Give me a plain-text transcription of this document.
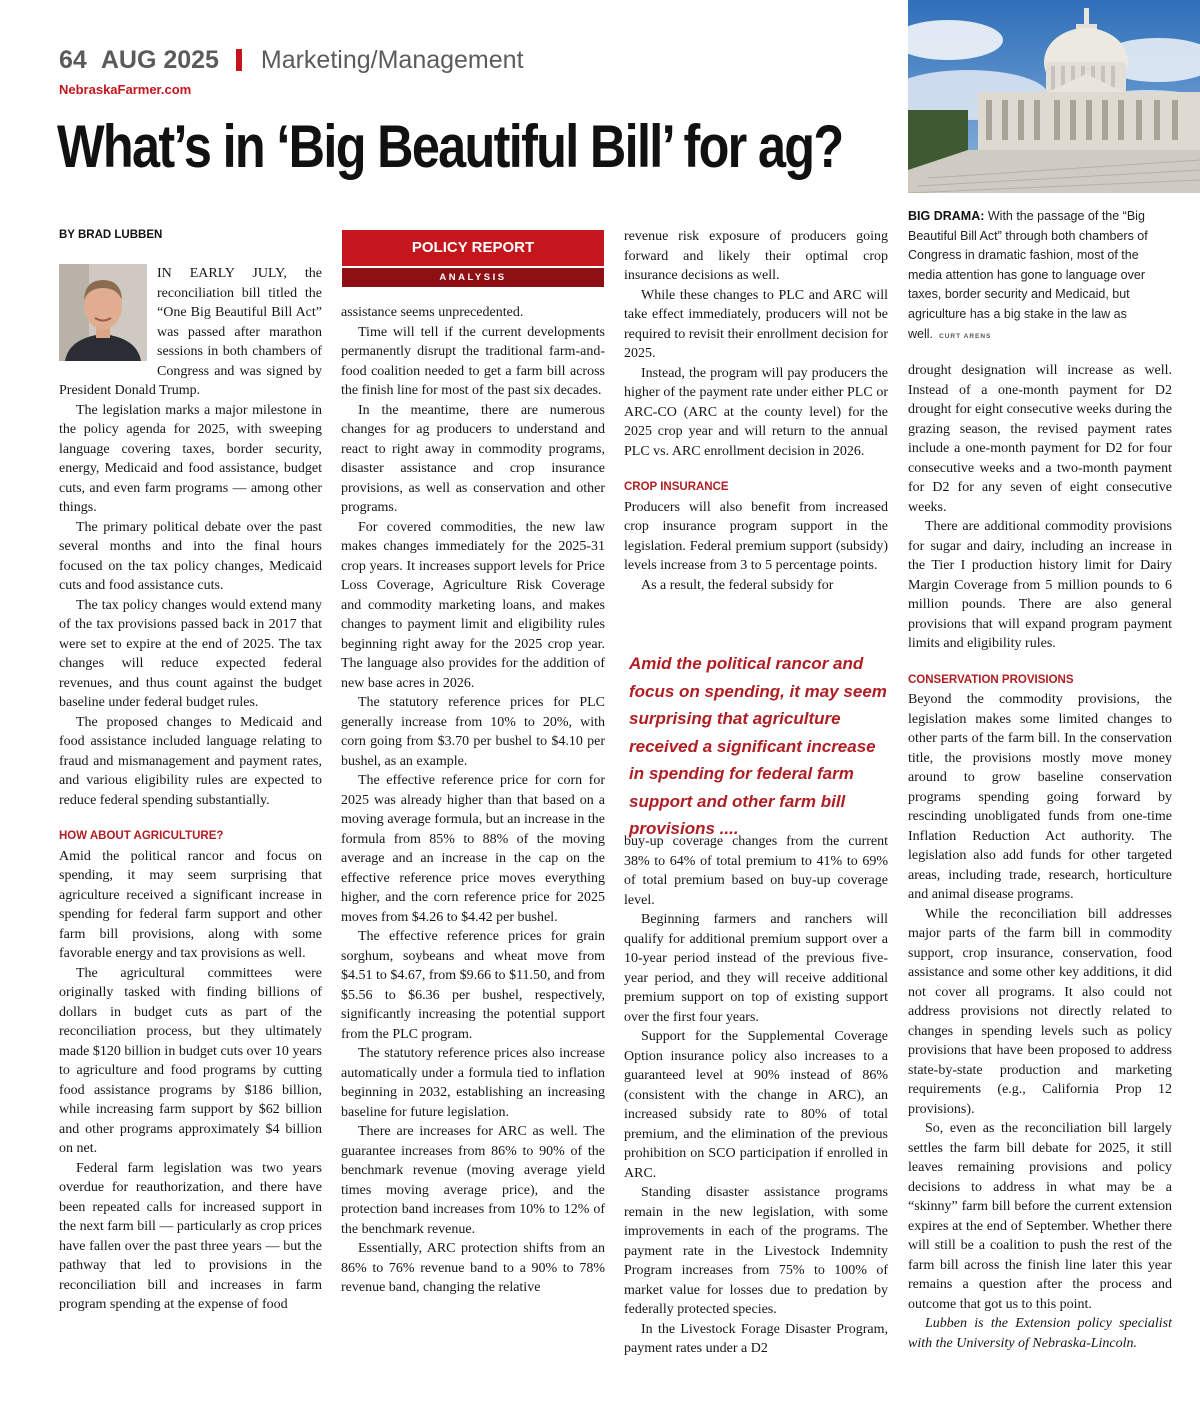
64 AUG 2025 Marketing/Management
NebraskaFarmer.com
What’s in ‘Big Beautiful Bill’ for ag?
BIG DRAMA: With the passage of the “Big Beautiful Bill Act” through both chambers of Congress in dramatic fashion, most of the media attention has gone to language over taxes, border security and Medicaid, but agriculture has a big stake in the law as well. CURT ARENS
BY BRAD LUBBEN
POLICY REPORT
ANALYSIS

IN EARLY JULY, the reconciliation bill titled the “One Big Beautiful Bill Act” was passed after marathon sessions in both chambers of Congress and was signed by President Donald Trump.

The legislation marks a major milestone in the policy agenda for 2025, with sweeping language covering taxes, border security, energy, Medicaid and food assistance, budget cuts, and even farm programs — among other things.

The primary political debate over the past several months and into the final hours focused on the tax policy changes, Medicaid cuts and food assistance cuts.

The tax policy changes would extend many of the tax provisions passed back in 2017 that were set to expire at the end of 2025. The tax changes will reduce expected federal revenues, and thus count against the budget baseline under federal budget rules.

The proposed changes to Medicaid and food assistance included language relating to fraud and mismanagement and payment rates, and various eligibility rules are expected to reduce federal spending substantially.

HOW ABOUT AGRICULTURE?

Amid the political rancor and focus on spending, it may seem surprising that agriculture received a significant increase in spending for federal farm support and other farm bill provisions, along with some favorable energy and tax provisions as well.

The agricultural committees were originally tasked with finding billions of dollars in budget cuts as part of the reconciliation process, but they ultimately made $120 billion in budget cuts over 10 years to agriculture and food programs by cutting food assistance programs by $186 billion, while increasing farm support by $62 billion and other programs approximately $4 billion on net.

Federal farm legislation was two years overdue for reauthorization, and there have been repeated calls for increased support in the next farm bill — particularly as crop prices have fallen over the past three years — but the pathway that led to provisions in the reconciliation bill and increases in farm program spending at the expense of food

assistance seems unprecedented.

Time will tell if the current developments permanently disrupt the traditional farm-and-food coalition needed to get a farm bill across the finish line for most of the past six decades.

In the meantime, there are numerous changes for ag producers to understand and react to right away in commodity programs, disaster assistance and crop insurance provisions, as well as conservation and other programs.

For covered commodities, the new law makes changes immediately for the 2025-31 crop years. It increases support levels for Price Loss Coverage, Agriculture Risk Coverage and commodity marketing loans, and makes changes to payment limit and eligibility rules beginning right away for the 2025 crop year. The language also provides for the addition of new base acres in 2026.

The statutory reference prices for PLC generally increase from 10% to 20%, with corn going from $3.70 per bushel to $4.10 per bushel, as an example.

The effective reference price for corn for 2025 was already higher than that based on a moving average formula, but an increase in the formula from 85% to 88% of the moving average and an increase in the cap on the effective reference price moves everything higher, and the corn reference price for 2025 moves from $4.26 to $4.42 per bushel.

The effective reference prices for grain sorghum, soybeans and wheat move from $4.51 to $4.67, from $9.66 to $11.50, and from $5.56 to $6.36 per bushel, respectively, significantly increasing the potential support from the PLC program.

The statutory reference prices also increase automatically under a formula tied to inflation beginning in 2032, establishing an increasing baseline for future legislation.

There are increases for ARC as well. The guarantee increases from 86% to 90% of the benchmark revenue (moving average yield times moving average price), and the protection band increases from 10% to 12% of the benchmark revenue.

Essentially, ARC protection shifts from an 86% to 76% revenue band to a 90% to 78% revenue band, changing the relative

revenue risk exposure of producers going forward and likely their optimal crop insurance decisions as well.

While these changes to PLC and ARC will take effect immediately, producers will not be required to revisit their enrollment decision for 2025.

Instead, the program will pay producers the higher of the payment rate under either PLC or ARC-CO (ARC at the county level) for the 2025 crop year and will return to the annual PLC vs. ARC enrollment decision in 2026.

CROP INSURANCE

Producers will also benefit from increased crop insurance program support in the legislation. Federal premium support (subsidy) levels increase from 3 to 5 percentage points.

As a result, the federal subsidy for

Amid the political rancor and focus on spending, it may seem surprising that agriculture received a significant increase in spending for federal farm support and other farm bill provisions ....

buy-up coverage changes from the current 38% to 64% of total premium to 41% to 69% of total premium based on buy-up coverage level.

Beginning farmers and ranchers will qualify for additional premium support over a 10-year period instead of the previous five-year period, and they will receive additional premium support on top of existing support over the first four years.

Support for the Supplemental Coverage Option insurance policy also increases to a guaranteed level at 90% instead of 86% (consistent with the change in ARC), an increased subsidy rate to 80% of total premium, and the elimination of the previous prohibition on SCO participation if enrolled in ARC.

Standing disaster assistance programs remain in the new legislation, with some improvements in each of the programs. The payment rate in the Livestock Indemnity Program increases from 75% to 100% of market value for losses due to predation by federally protected species.

In the Livestock Forage Disaster Program, payment rates under a D2

drought designation will increase as well. Instead of a one-month payment for D2 drought for eight consecutive weeks during the grazing season, the revised payment rates include a one-month payment for D2 for four consecutive weeks and a two-month payment for D2 for any seven of eight consecutive weeks.

There are additional commodity provisions for sugar and dairy, including an increase in the Tier I production history limit for Dairy Margin Coverage from 5 million pounds to 6 million pounds. There are also general provisions that will expand program payment limits and eligibility rules.

CONSERVATION PROVISIONS

Beyond the commodity provisions, the legislation makes some limited changes to other parts of the farm bill. In the conservation title, the provisions mostly move money around to grow baseline conservation programs spending going forward by rescinding unobligated funds from one-time Inflation Reduction Act authority. The legislation also add funds for other targeted areas, including trade, research, horticulture and animal disease programs.

While the reconciliation bill addresses major parts of the farm bill in commodity support, crop insurance, conservation, food assistance and some other key additions, it did not cover all programs. It also could not address provisions not directly related to changes in spending levels such as policy provisions that have been proposed to address state-by-state production and marketing requirements (e.g., California Prop 12 provisions).

So, even as the reconciliation bill largely settles the farm bill debate for 2025, it still leaves remaining provisions and policy decisions to address in what may be a “skinny” farm bill before the current extension expires at the end of September. Whether there will still be a coalition to push the rest of the farm bill across the finish line later this year remains a question after the process and outcome that got us to this point.

Lubben is the Extension policy specialist with the University of Nebraska-Lincoln.
